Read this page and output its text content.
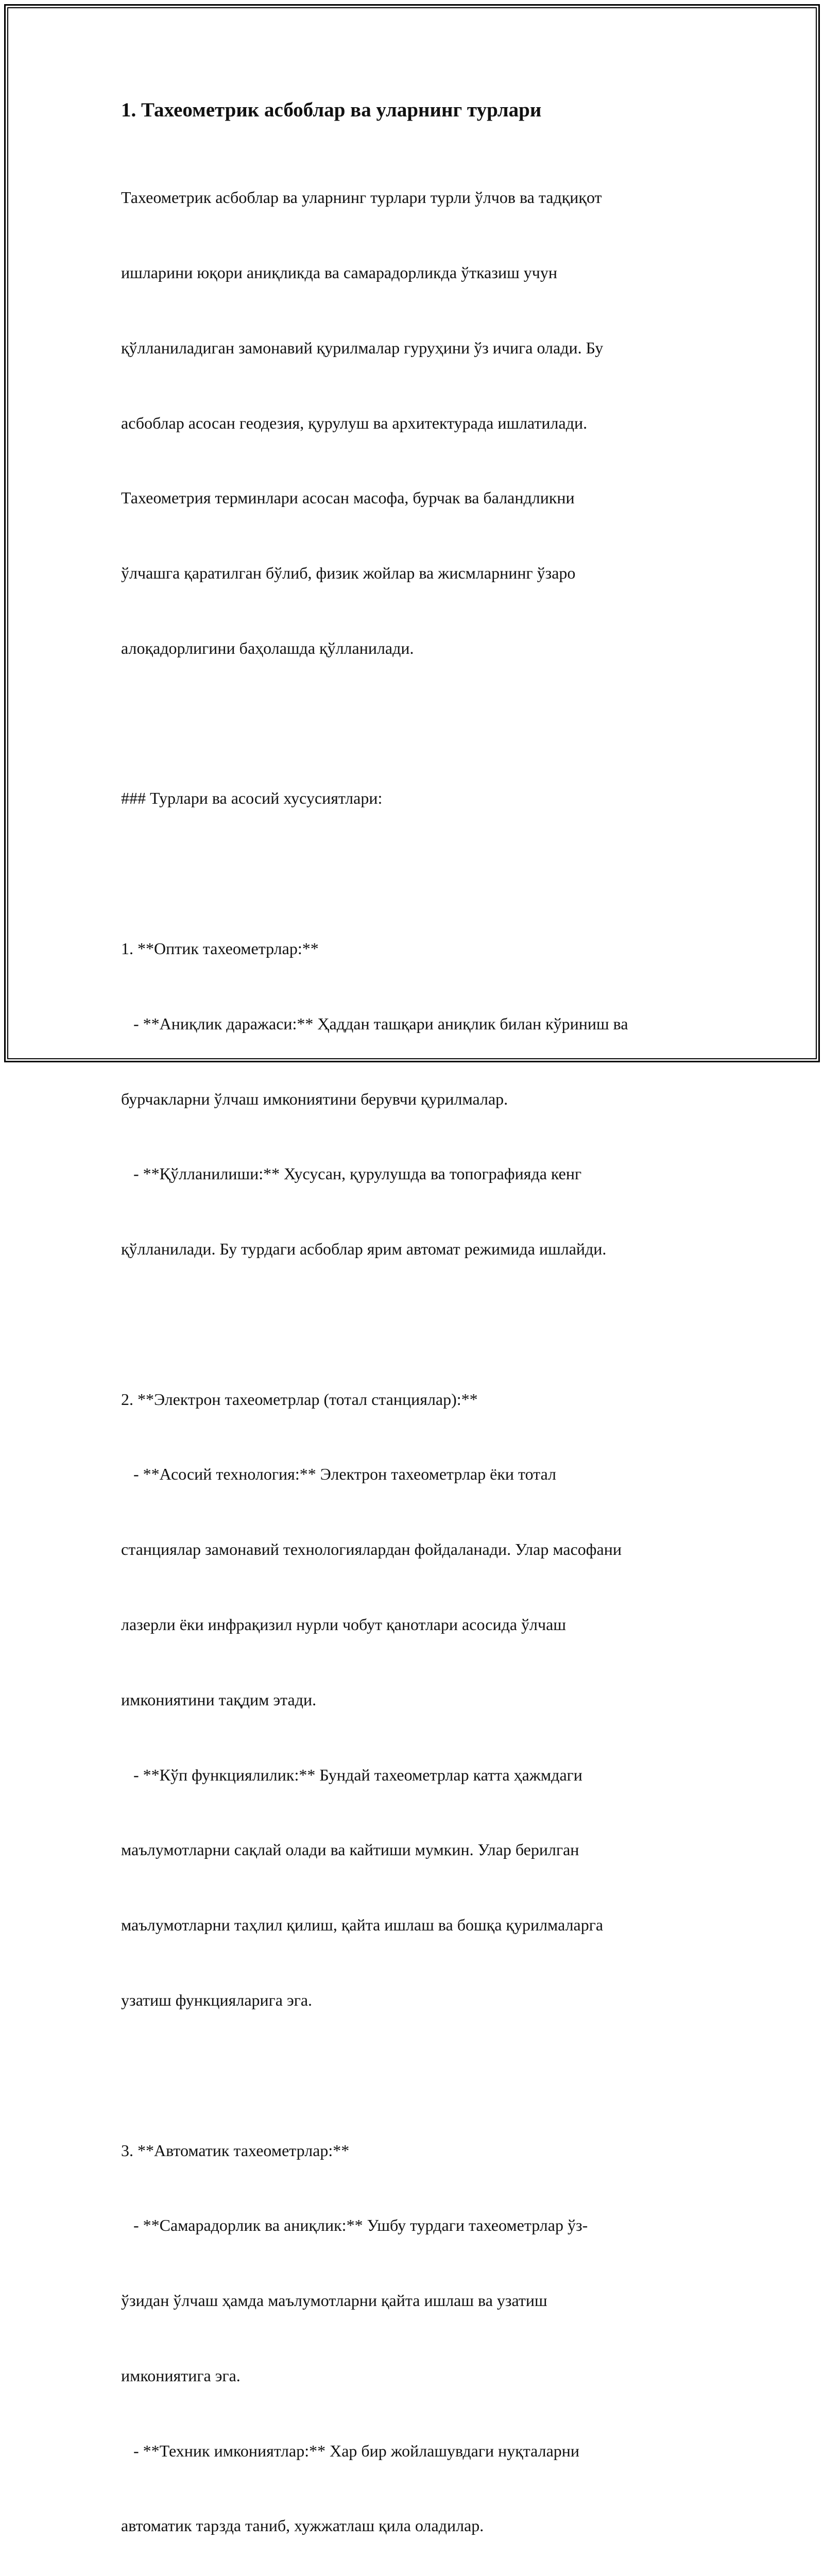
1. Тахеометрик асбоблар ва уларнинг турлари

Тахеометрик асбоблар ва уларнинг турлари турли ўлчов ва тадқиқот

ишларини юқори аниқликда ва самарадорликда ўтказиш учун

қўлланиладиган замонавий қурилмалар гуруҳини ўз ичига олади. Бу

асбоблар асосан геодезия, қурулуш ва архитектурада ишлатилади.

Тахеометрия терминлари асосан масофа, бурчак ва баландликни

ўлчашга қаратилган бўлиб, физик жойлар ва жисмларнинг ўзаро

алоқадорлигини баҳолашда қўлланилади.

### Турлари ва асосий хусусиятлари:

1. **Оптик тахеометрлар:**

- **Аниқлик даражаси:** Ҳаддан ташқари аниқлик билан кўриниш ва

бурчакларни ўлчаш имкониятини берувчи қурилмалар.

- **Қўлланилиши:** Хусусан, қурулушда ва топографияда кенг

қўлланилади. Бу турдаги асбоблар ярим автомат режимида ишлайди.

2. **Электрон тахеометрлар (тотал станциялар):**

- **Асосий технология:** Электрон тахеометрлар ёки тотал

станциялар замонавий технологиялардан фойдаланади. Улар масофани

лазерли ёки инфрақизил нурли чобут қанотлари асосида ўлчаш

имкониятини тақдим этади.

- **Кўп функциялилик:** Бундай тахеометрлар катта ҳажмдаги

маълумотларни сақлай олади ва кайтиши мумкин. Улар берилган

маълумотларни таҳлил қилиш, қайта ишлаш ва бошқа қурилмаларга

узатиш функцияларига эга.

3. **Автоматик тахеометрлар:**

- **Самарадорлик ва аниқлик:** Ушбу турдаги тахеометрлар ўз-

ўзидан ўлчаш ҳамда маълумотларни қайта ишлаш ва узатиш

имкониятига эга.

- **Техник имкониятлар:** Хар бир жойлашувдаги нуқталарни

автоматик тарзда таниб, хужжатлаш қила оладилар.
